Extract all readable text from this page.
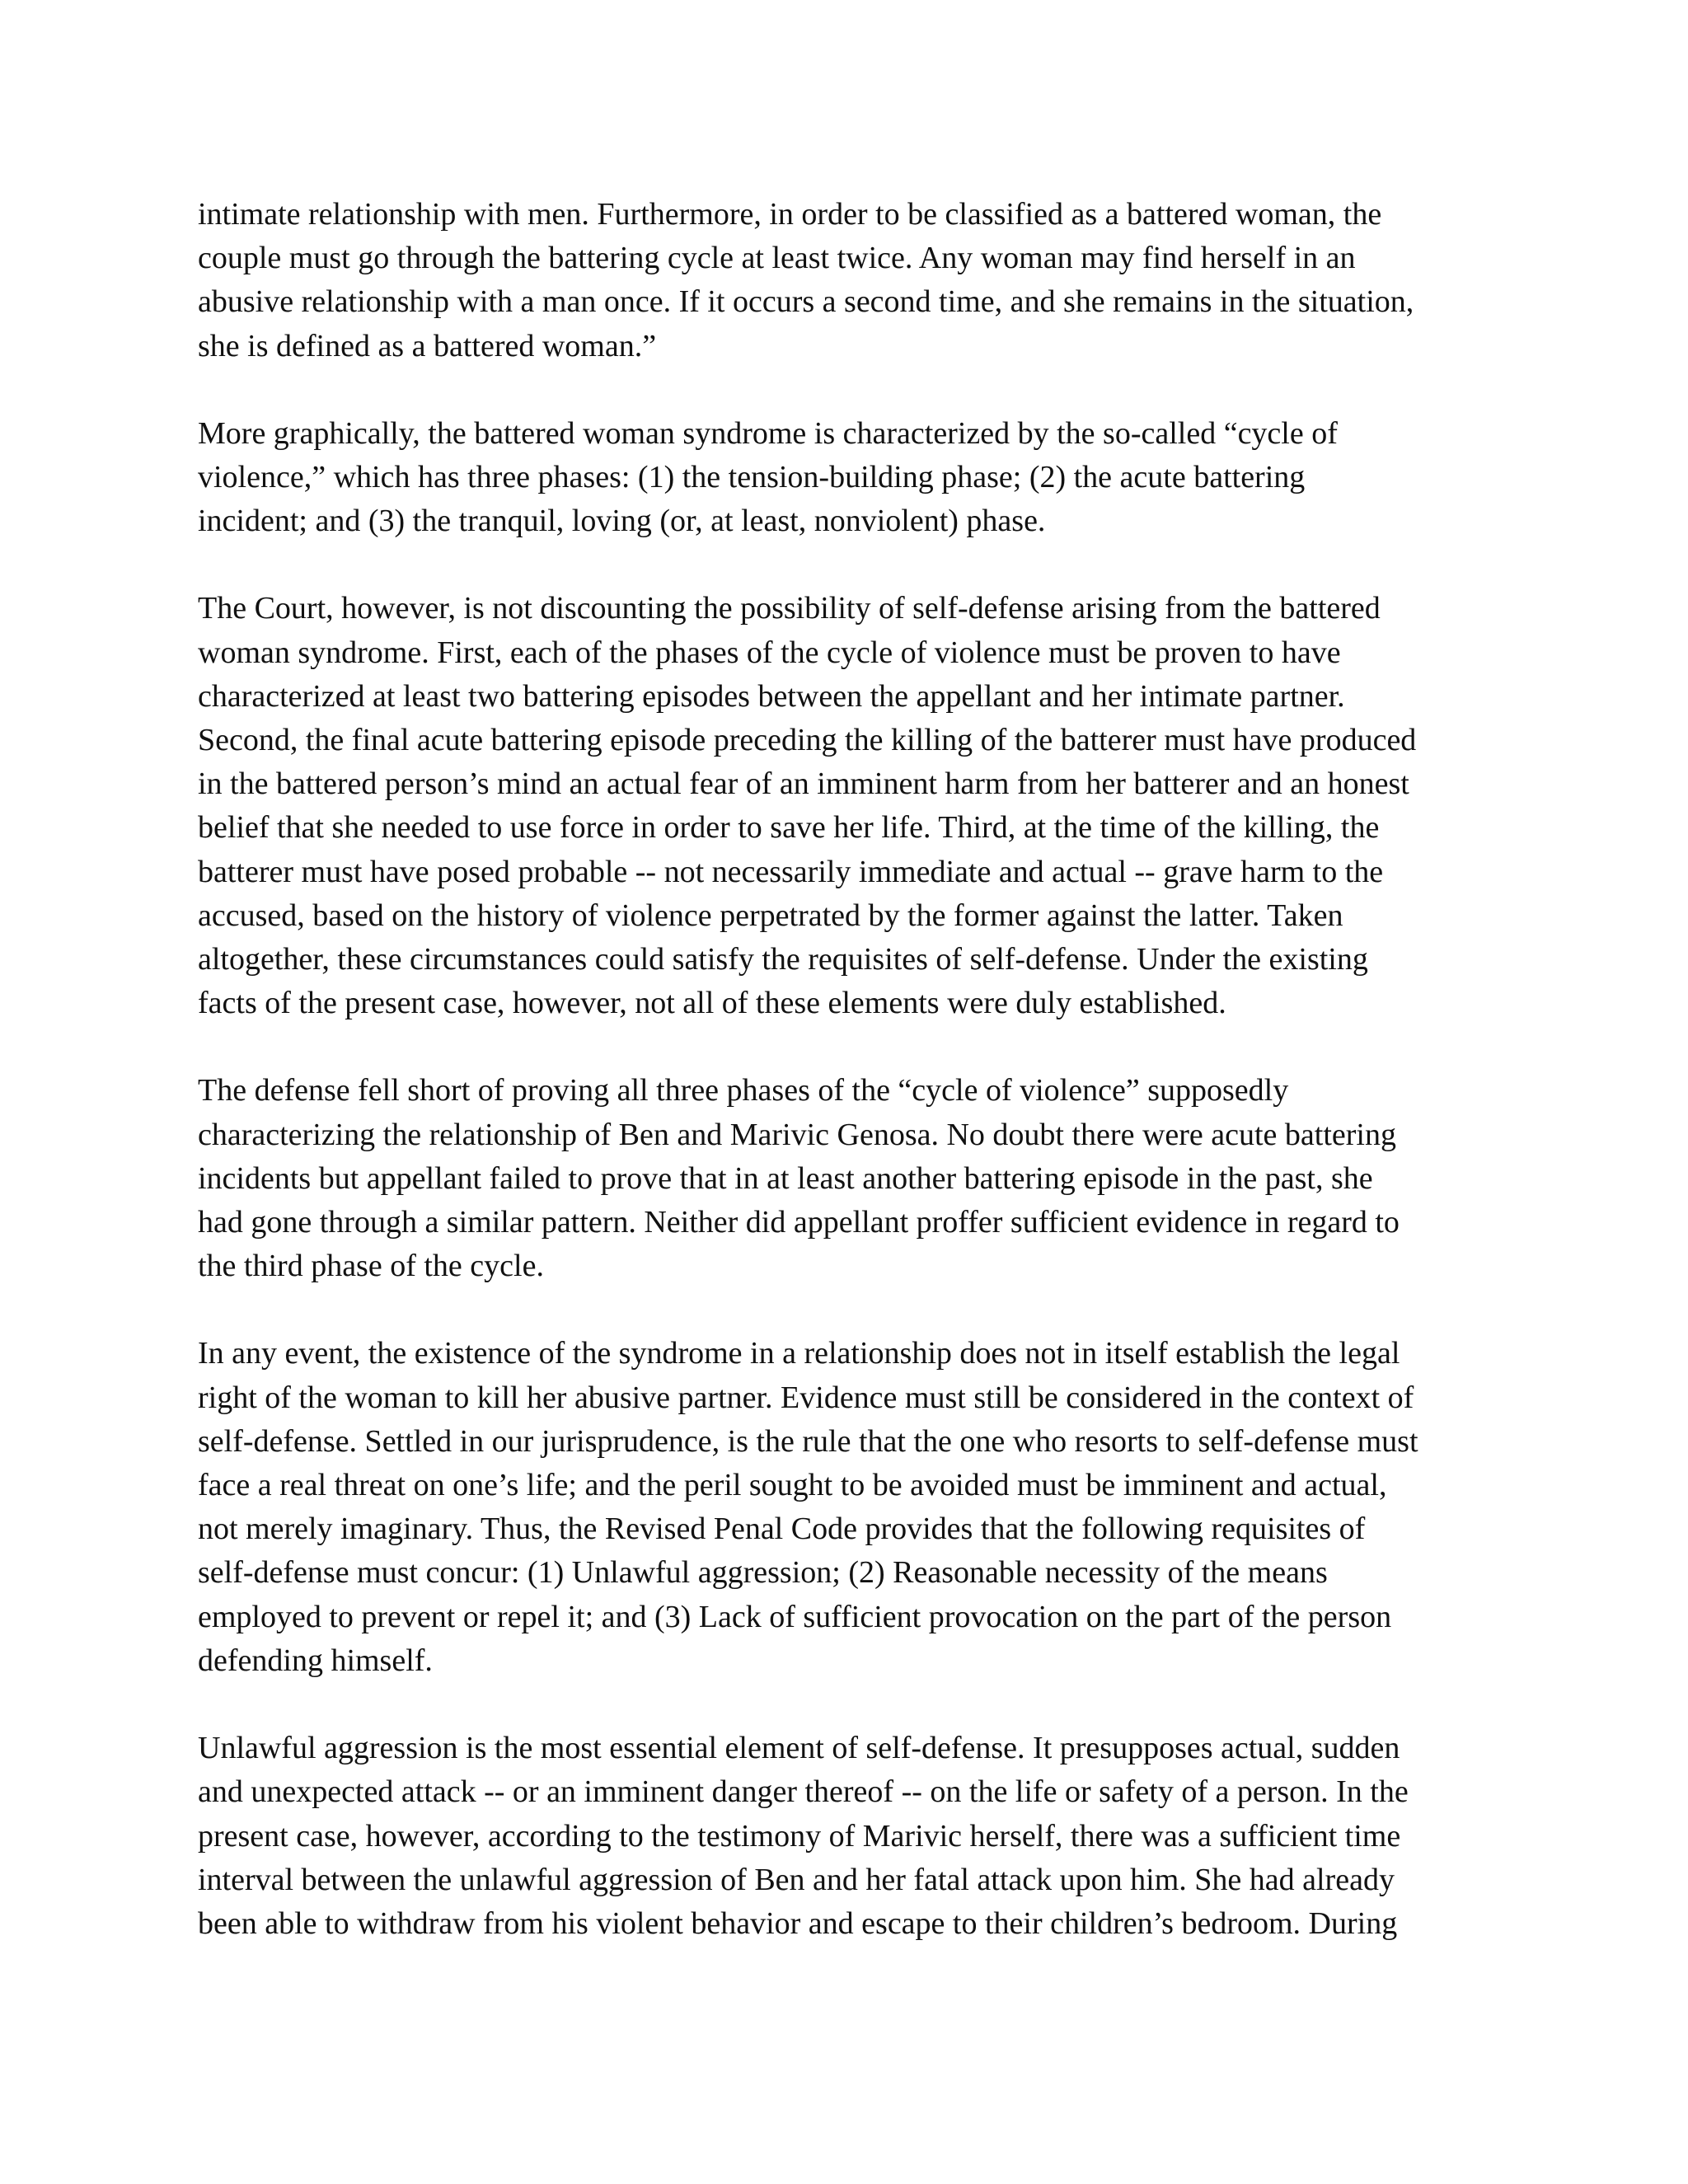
intimate relationship with men. Furthermore, in order to be classified as a battered woman, the
couple must go through the battering cycle at least twice. Any woman may find herself in an
abusive relationship with a man once. If it occurs a second time, and she remains in the situation,
she is defined as a battered woman.”

More graphically, the battered woman syndrome is characterized by the so-called “cycle of
violence,” which has three phases: (1) the tension-building phase; (2) the acute battering
incident; and (3) the tranquil, loving (or, at least, nonviolent) phase.

The Court, however, is not discounting the possibility of self-defense arising from the battered
woman syndrome. First, each of the phases of the cycle of violence must be proven to have
characterized at least two battering episodes between the appellant and her intimate partner.
Second, the final acute battering episode preceding the killing of the batterer must have produced
in the battered person’s mind an actual fear of an imminent harm from her batterer and an honest
belief that she needed to use force in order to save her life. Third, at the time of the killing, the
batterer must have posed probable -- not necessarily immediate and actual -- grave harm to the
accused, based on the history of violence perpetrated by the former against the latter. Taken
altogether, these circumstances could satisfy the requisites of self-defense. Under the existing
facts of the present case, however, not all of these elements were duly established.

The defense fell short of proving all three phases of the “cycle of violence” supposedly
characterizing the relationship of Ben and Marivic Genosa. No doubt there were acute battering
incidents but appellant failed to prove that in at least another battering episode in the past, she
had gone through a similar pattern. Neither did appellant proffer sufficient evidence in regard to
the third phase of the cycle.

In any event, the existence of the syndrome in a relationship does not in itself establish the legal
right of the woman to kill her abusive partner. Evidence must still be considered in the context of
self-defense. Settled in our jurisprudence, is the rule that the one who resorts to self-defense must
face a real threat on one’s life; and the peril sought to be avoided must be imminent and actual,
not merely imaginary. Thus, the Revised Penal Code provides that the following requisites of
self-defense must concur: (1) Unlawful aggression; (2) Reasonable necessity of the means
employed to prevent or repel it; and (3) Lack of sufficient provocation on the part of the person
defending himself.

Unlawful aggression is the most essential element of self-defense. It presupposes actual, sudden
and unexpected attack -- or an imminent danger thereof -- on the life or safety of a person. In the
present case, however, according to the testimony of Marivic herself, there was a sufficient time
interval between the unlawful aggression of Ben and her fatal attack upon him. She had already
been able to withdraw from his violent behavior and escape to their children’s bedroom. During
